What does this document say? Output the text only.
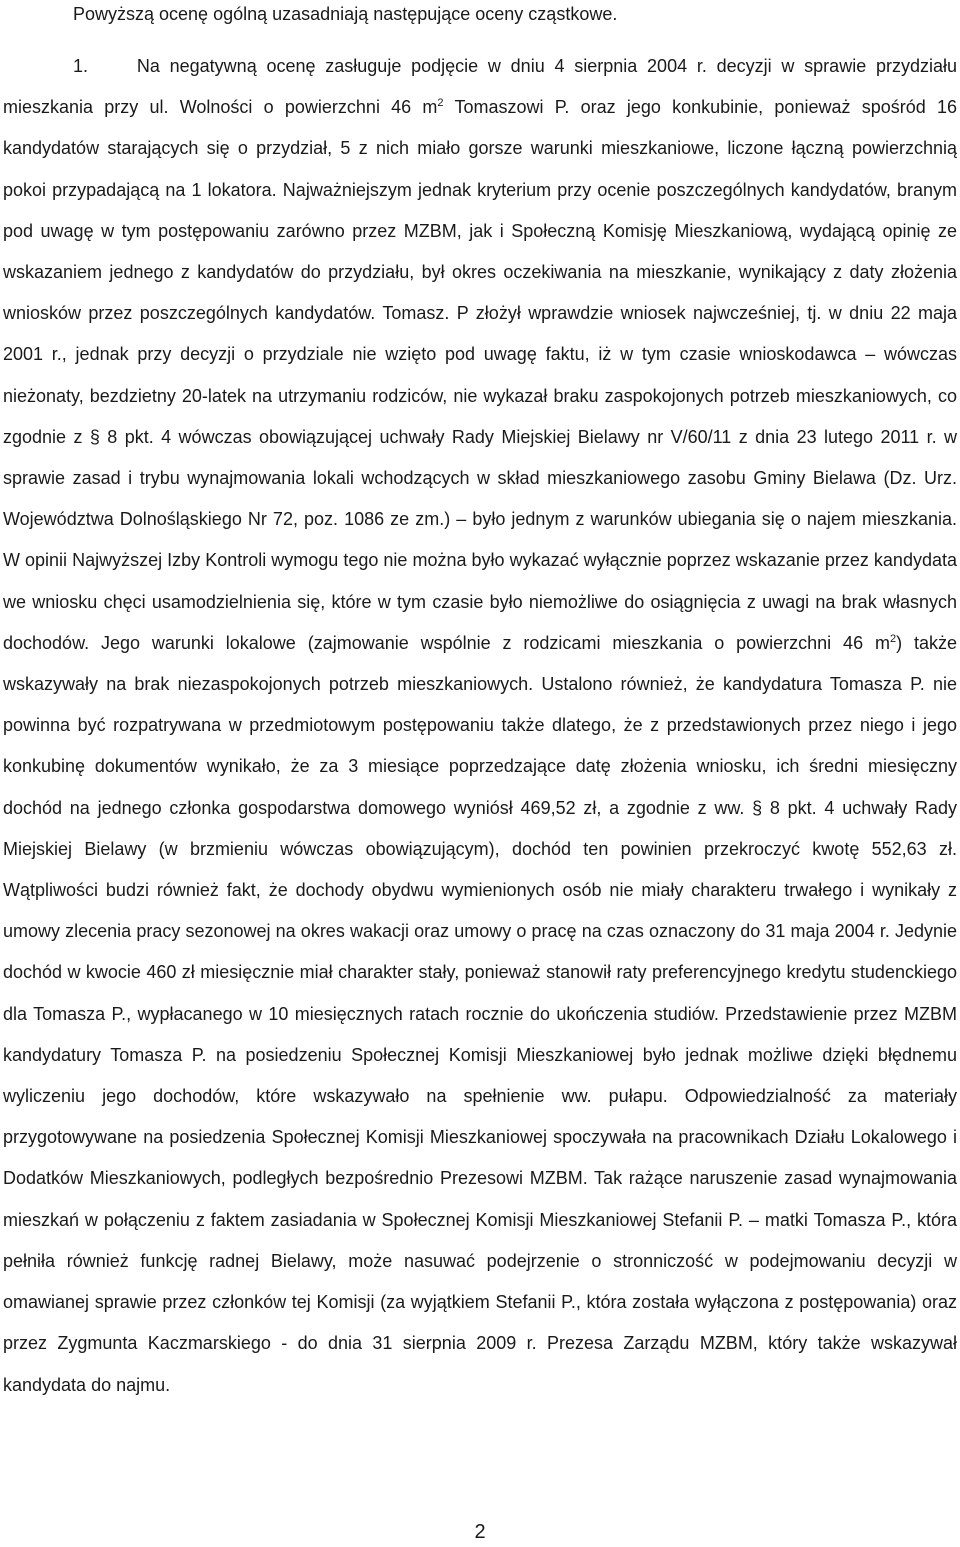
Powyższą ocenę ogólną uzasadniają następujące oceny cząstkowe.

1.	Na negatywną ocenę zasługuje podjęcie w dniu 4 sierpnia 2004 r. decyzji w sprawie przydziału mieszkania przy ul. Wolności o powierzchni 46 $m^2$ Tomaszowi P. oraz jego konkubinie, ponieważ spośród 16 kandydatów starających się o przydział, 5 z nich miało gorsze warunki mieszkaniowe, liczone łączną powierzchnią pokoi przypadającą na 1 lokatora. Najważniejszym jednak kryterium przy ocenie poszczególnych kandydatów, branym pod uwagę w tym postępowaniu zarówno przez MZBM, jak i Społeczną Komisję Mieszkaniową, wydającą opinię ze wskazaniem jednego z kandydatów do przydziału, był okres oczekiwania na mieszkanie, wynikający z daty złożenia wniosków przez poszczególnych kandydatów. Tomasz. P złożył wprawdzie wniosek najwcześniej, tj. w dniu 22 maja 2001 r., jednak przy decyzji o przydziale nie wzięto pod uwagę faktu, iż w tym czasie wnioskodawca – wówczas nieżonaty, bezdzietny 20-latek na utrzymaniu rodziców, nie wykazał braku zaspokojonych potrzeb mieszkaniowych, co zgodnie z § 8 pkt. 4 wówczas obowiązującej uchwały Rady Miejskiej Bielawy nr V/60/11 z dnia 23 lutego 2011 r. w sprawie zasad i trybu wynajmowania lokali wchodzących w skład mieszkaniowego zasobu Gminy Bielawa (Dz. Urz. Województwa Dolnośląskiego Nr 72, poz. 1086 ze zm.) – było jednym z warunków ubiegania się o najem mieszkania. W opinii Najwyższej Izby Kontroli wymogu tego nie można było wykazać wyłącznie poprzez wskazanie przez kandydata we wniosku chęci usamodzielnienia się, które w tym czasie było niemożliwe do osiągnięcia z uwagi na brak własnych dochodów. Jego warunki lokalowe (zajmowanie wspólnie z rodzicami mieszkania o powierzchni 46 $m^2$) także wskazywały na brak niezaspokojonych potrzeb mieszkaniowych. Ustalono również, że kandydatura Tomasza P. nie powinna być rozpatrywana w przedmiotowym postępowaniu także dlatego, że z przedstawionych przez niego i jego konkubinę dokumentów wynikało, że za 3 miesiące poprzedzające datę złożenia wniosku, ich średni miesięczny dochód na jednego członka gospodarstwa domowego wyniósł 469,52 zł, a zgodnie z ww. § 8 pkt. 4 uchwały Rady Miejskiej Bielawy (w brzmieniu wówczas obowiązującym), dochód ten powinien przekroczyć kwotę 552,63 zł. Wątpliwości budzi również fakt, że dochody obydwu wymienionych osób nie miały charakteru trwałego i wynikały z umowy zlecenia pracy sezonowej na okres wakacji oraz umowy o pracę na czas oznaczony do 31 maja 2004 r. Jedynie dochód w kwocie 460 zł miesięcznie miał charakter stały, ponieważ stanowił raty preferencyjnego kredytu studenckiego dla Tomasza P., wypłacanego w 10 miesięcznych ratach rocznie do ukończenia studiów. Przedstawienie przez MZBM kandydatury Tomasza P. na posiedzeniu Społecznej Komisji Mieszkaniowej było jednak możliwe dzięki błędnemu wyliczeniu jego dochodów, które wskazywało na spełnienie ww. pułapu. Odpowiedzialność za materiały przygotowywane na posiedzenia Społecznej Komisji Mieszkaniowej spoczywała na pracownikach Działu Lokalowego i Dodatków Mieszkaniowych, podległych bezpośrednio Prezesowi MZBM. Tak rażące naruszenie zasad wynajmowania mieszkań w połączeniu z faktem zasiadania w Społecznej Komisji Mieszkaniowej Stefanii P. – matki Tomasza P., która pełniła również funkcję radnej Bielawy, może nasuwać podejrzenie o stronniczość w podejmowaniu decyzji w omawianej sprawie przez członków tej Komisji (za wyjątkiem Stefanii P., która została wyłączona z postępowania) oraz przez Zygmunta Kaczmarskiego - do dnia 31 sierpnia 2009 r. Prezesa Zarządu MZBM, który także wskazywał kandydata do najmu.

2
